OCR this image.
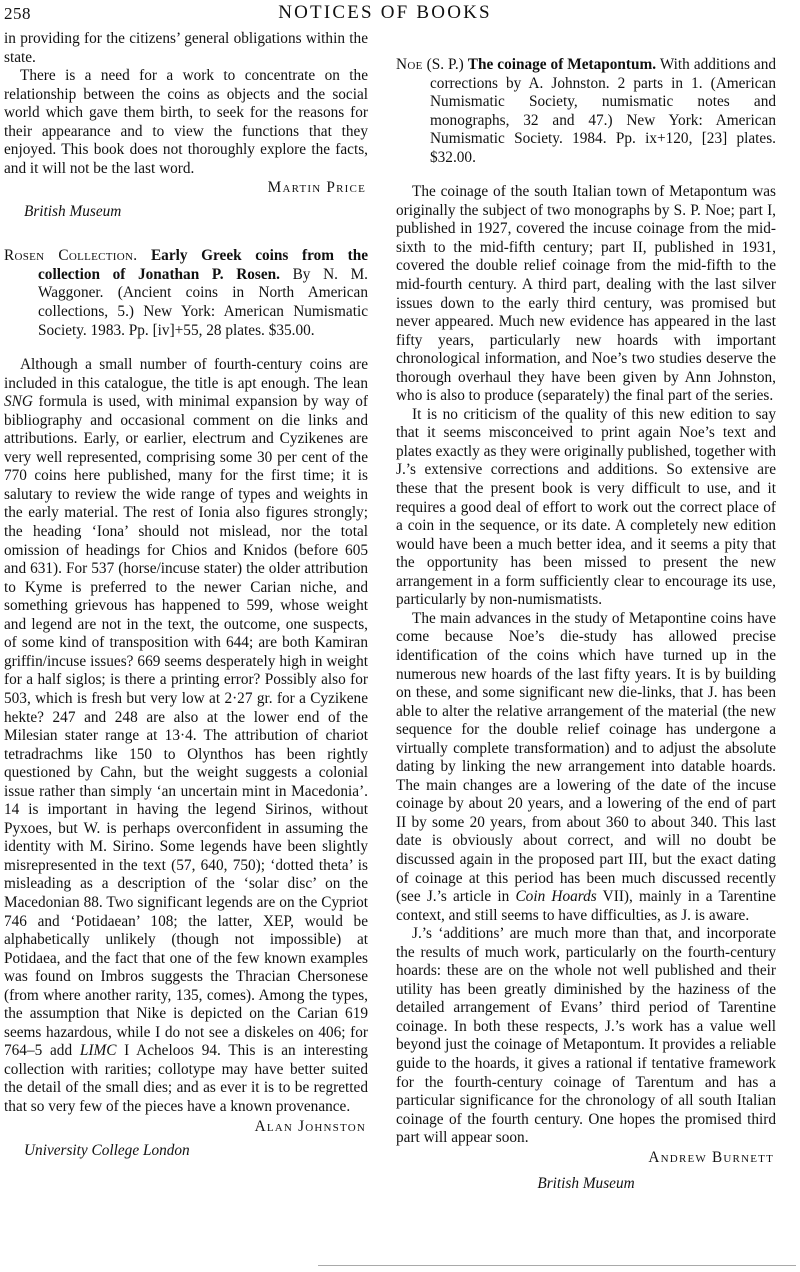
258	NOTICES OF BOOKS

in providing for the citizens’ general obligations within the state.

There is a need for a work to concentrate on the relationship between the coins as objects and the social world which gave them birth, to seek for the reasons for their appearance and to view the functions that they enjoyed. This book does not thoroughly explore the facts, and it will not be the last word.

Martin Price
British Museum
Rosen Collection. Early Greek coins from the collection of Jonathan P. Rosen. By N. M. Waggoner. (Ancient coins in North American collections, 5.) New York: American Numismatic Society. 1983. Pp. [iv]+55, 28 plates. $35.00.

Although a small number of fourth-century coins are included in this catalogue, the title is apt enough. The lean SNG formula is used, with minimal expansion by way of bibliography and occasional comment on die links and attributions. Early, or earlier, electrum and Cyzikenes are very well represented, comprising some 30 per cent of the 770 coins here published, many for the first time; it is salutary to review the wide range of types and weights in the early material. The rest of Ionia also figures strongly; the heading ‘Iona’ should not mislead, nor the total omission of headings for Chios and Knidos (before 605 and 631). For 537 (horse/incuse stater) the older attribution to Kyme is preferred to the newer Carian niche, and something grievous has happened to 599, whose weight and legend are not in the text, the outcome, one suspects, of some kind of transposition with 644; are both Kamiran griffin/incuse issues? 669 seems desperately high in weight for a half siglos; is there a printing error? Possibly also for 503, which is fresh but very low at 2·27 gr. for a Cyzikene hekte? 247 and 248 are also at the lower end of the Milesian stater range at 13·4. The attribution of chariot tetradrachms like 150 to Olynthos has been rightly questioned by Cahn, but the weight suggests a colonial issue rather than simply ‘an uncertain mint in Macedonia’. 14 is important in having the legend Sirinos, without Pyxoes, but W. is perhaps overconfident in assuming the identity with M. Sirino. Some legends have been slightly misrepresented in the text (57, 640, 750); ‘dotted theta’ is misleading as a description of the ‘solar disc’ on the Macedonian 88. Two significant legends are on the Cypriot 746 and ‘Potidaean’ 108; the latter, XEP, would be alphabetically unlikely (though not impossible) at Potidaea, and the fact that one of the few known examples was found on Imbros suggests the Thracian Chersonese (from where another rarity, 135, comes). Among the types, the assumption that Nike is depicted on the Carian 619 seems hazardous, while I do not see a diskeles on 406; for 764–5 add LIMC I Acheloos 94. This is an interesting collection with rarities; collotype may have better suited the detail of the small dies; and as ever it is to be regretted that so very few of the pieces have a known provenance.

Alan Johnston
University College London
Noe (S. P.) The coinage of Metapontum. With additions and corrections by A. Johnston. 2 parts in 1. (American Numismatic Society, numismatic notes and monographs, 32 and 47.) New York: American Numismatic Society. 1984. Pp. ix+120, [23] plates. $32.00.

The coinage of the south Italian town of Metapontum was originally the subject of two monographs by S. P. Noe; part I, published in 1927, covered the incuse coinage from the mid-sixth to the mid-fifth century; part II, published in 1931, covered the double relief coinage from the mid-fifth to the mid-fourth century. A third part, dealing with the last silver issues down to the early third century, was promised but never appeared. Much new evidence has appeared in the last fifty years, particularly new hoards with important chronological information, and Noe’s two studies deserve the thorough overhaul they have been given by Ann Johnston, who is also to produce (separately) the final part of the series.

It is no criticism of the quality of this new edition to say that it seems misconceived to print again Noe’s text and plates exactly as they were originally published, together with J.’s extensive corrections and additions. So extensive are these that the present book is very difficult to use, and it requires a good deal of effort to work out the correct place of a coin in the sequence, or its date. A completely new edition would have been a much better idea, and it seems a pity that the opportunity has been missed to present the new arrangement in a form sufficiently clear to encourage its use, particularly by non-numismatists.

The main advances in the study of Metapontine coins have come because Noe’s die-study has allowed precise identification of the coins which have turned up in the numerous new hoards of the last fifty years. It is by building on these, and some significant new die-links, that J. has been able to alter the relative arrangement of the material (the new sequence for the double relief coinage has undergone a virtually complete transformation) and to adjust the absolute dating by linking the new arrangement into datable hoards. The main changes are a lowering of the date of the incuse coinage by about 20 years, and a lowering of the end of part II by some 20 years, from about 360 to about 340. This last date is obviously about correct, and will no doubt be discussed again in the proposed part III, but the exact dating of coinage at this period has been much discussed recently (see J.’s article in Coin Hoards VII), mainly in a Tarentine context, and still seems to have difficulties, as J. is aware.

J.’s ‘additions’ are much more than that, and incorporate the results of much work, particularly on the fourth-century hoards: these are on the whole not well published and their utility has been greatly diminished by the haziness of the detailed arrangement of Evans’ third period of Tarentine coinage. In both these respects, J.’s work has a value well beyond just the coinage of Metapontum. It provides a reliable guide to the hoards, it gives a rational if tentative framework for the fourth-century coinage of Tarentum and has a particular significance for the chronology of all south Italian coinage of the fourth century. One hopes the promised third part will appear soon.

Andrew Burnett
British Museum
